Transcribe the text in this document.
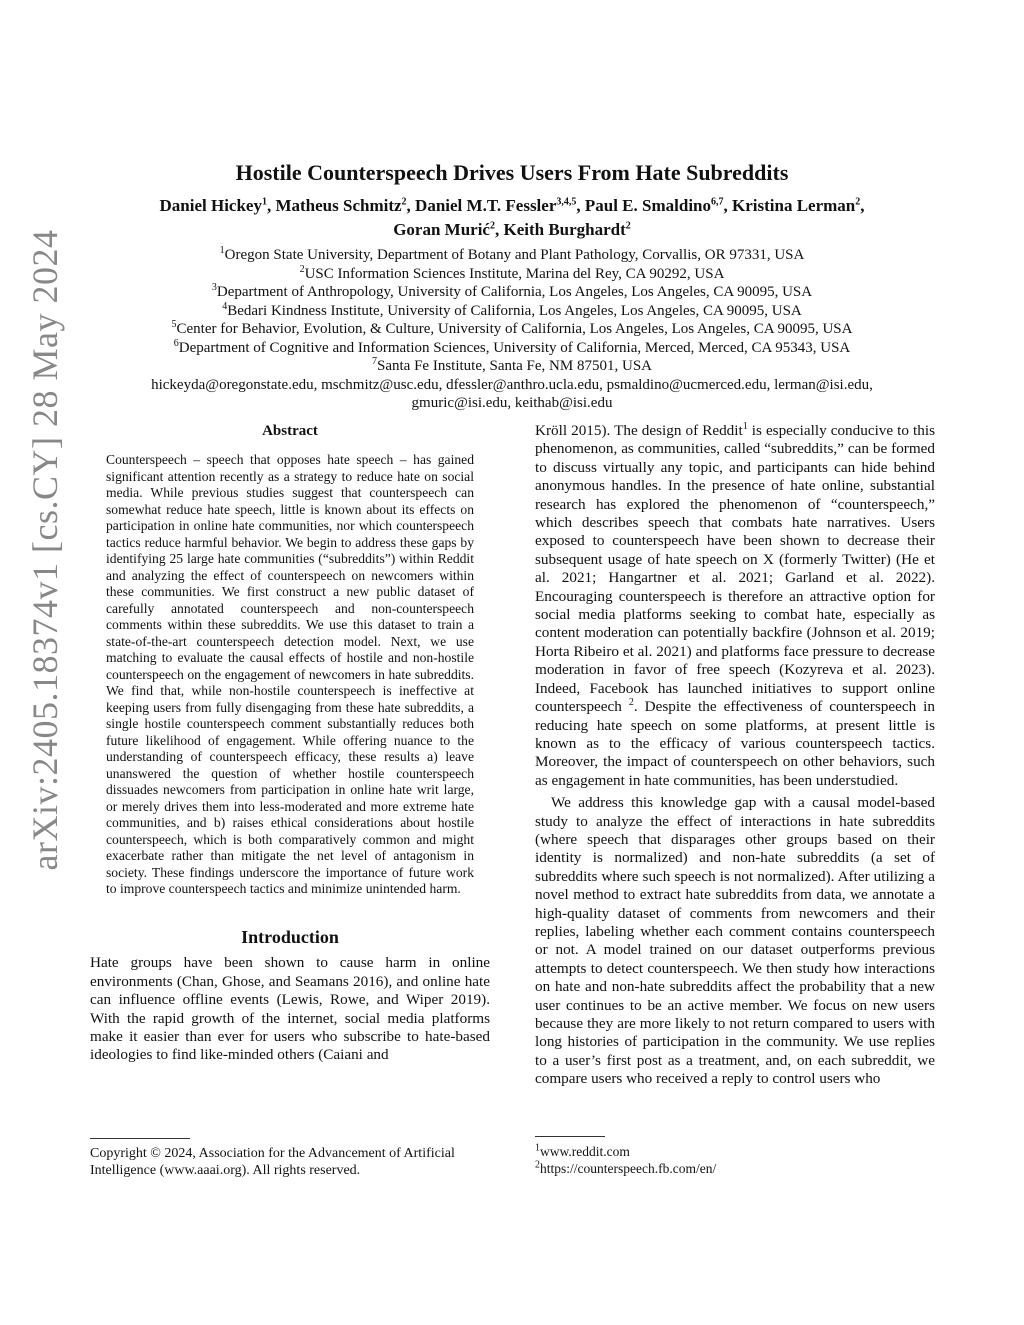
arXiv:2405.18374v1 [cs.CY] 28 May 2024
Hostile Counterspeech Drives Users From Hate Subreddits
Daniel Hickey$^1$, Matheus Schmitz$^2$, Daniel M.T. Fessler$^{3,4,5}$, Paul E. Smaldino$^{6,7}$, Kristina Lerman$^2$,
Goran Murić$^2$, Keith Burghardt$^2$
$^1$Oregon State University, Department of Botany and Plant Pathology, Corvallis, OR 97331, USA
$^2$USC Information Sciences Institute, Marina del Rey, CA 90292, USA
$^3$Department of Anthropology, University of California, Los Angeles, Los Angeles, CA 90095, USA
$^4$Bedari Kindness Institute, University of California, Los Angeles, Los Angeles, CA 90095, USA
$^5$Center for Behavior, Evolution, & Culture, University of California, Los Angeles, Los Angeles, CA 90095, USA
$^6$Department of Cognitive and Information Sciences, University of California, Merced, Merced, CA 95343, USA
$^7$Santa Fe Institute, Santa Fe, NM 87501, USA
hickeyda@oregonstate.edu, mschmitz@usc.edu, dfessler@anthro.ucla.edu, psmaldino@ucmerced.edu, lerman@isi.edu,
gmuric@isi.edu, keithab@isi.edu
Abstract

Counterspeech – speech that opposes hate speech – has gained significant attention recently as a strategy to reduce hate on social media. While previous studies suggest that counterspeech can somewhat reduce hate speech, little is known about its effects on participation in online hate communities, nor which counterspeech tactics reduce harmful behavior. We begin to address these gaps by identifying 25 large hate communities (“subreddits”) within Reddit and analyzing the effect of counterspeech on newcomers within these communities. We first construct a new public dataset of carefully annotated counterspeech and non-counterspeech comments within these subreddits. We use this dataset to train a state-of-the-art counterspeech detection model. Next, we use matching to evaluate the causal effects of hostile and non-hostile counterspeech on the engagement of newcomers in hate subreddits. We find that, while non-hostile counterspeech is ineffective at keeping users from fully disengaging from these hate subreddits, a single hostile counterspeech comment substantially reduces both future likelihood of engagement. While offering nuance to the understanding of counterspeech efficacy, these results a) leave unanswered the question of whether hostile counterspeech dissuades newcomers from participation in online hate writ large, or merely drives them into less-moderated and more extreme hate communities, and b) raises ethical considerations about hostile counterspeech, which is both comparatively common and might exacerbate rather than mitigate the net level of antagonism in society. These findings underscore the importance of future work to improve counterspeech tactics and minimize unintended harm.

Introduction

Hate groups have been shown to cause harm in online environments (Chan, Ghose, and Seamans 2016), and online hate can influence offline events (Lewis, Rowe, and Wiper 2019). With the rapid growth of the internet, social media platforms make it easier than ever for users who subscribe to hate-based ideologies to find like-minded others (Caiani and

Copyright © 2024, Association for the Advancement of Artificial Intelligence (www.aaai.org). All rights reserved.

Kröll 2015). The design of Reddit$^1$ is especially conducive to this phenomenon, as communities, called “subreddits,” can be formed to discuss virtually any topic, and participants can hide behind anonymous handles. In the presence of hate online, substantial research has explored the phenomenon of “counterspeech,” which describes speech that combats hate narratives. Users exposed to counterspeech have been shown to decrease their subsequent usage of hate speech on X (formerly Twitter) (He et al. 2021; Hangartner et al. 2021; Garland et al. 2022). Encouraging counterspeech is therefore an attractive option for social media platforms seeking to combat hate, especially as content moderation can potentially backfire (Johnson et al. 2019; Horta Ribeiro et al. 2021) and platforms face pressure to decrease moderation in favor of free speech (Kozyreva et al. 2023). Indeed, Facebook has launched initiatives to support online counterspeech $^2$. Despite the effectiveness of counterspeech in reducing hate speech on some platforms, at present little is known as to the efficacy of various counterspeech tactics. Moreover, the impact of counterspeech on other behaviors, such as engagement in hate communities, has been understudied.

We address this knowledge gap with a causal model-based study to analyze the effect of interactions in hate subreddits (where speech that disparages other groups based on their identity is normalized) and non-hate subreddits (a set of subreddits where such speech is not normalized). After utilizing a novel method to extract hate subreddits from data, we annotate a high-quality dataset of comments from newcomers and their replies, labeling whether each comment contains counterspeech or not. A model trained on our dataset outperforms previous attempts to detect counterspeech. We then study how interactions on hate and non-hate subreddits affect the probability that a new user continues to be an active member. We focus on new users because they are more likely to not return compared to users with long histories of participation in the community. We use replies to a user’s first post as a treatment, and, on each subreddit, we compare users who received a reply to control users who

$^1$www.reddit.com
$^2$https://counterspeech.fb.com/en/
